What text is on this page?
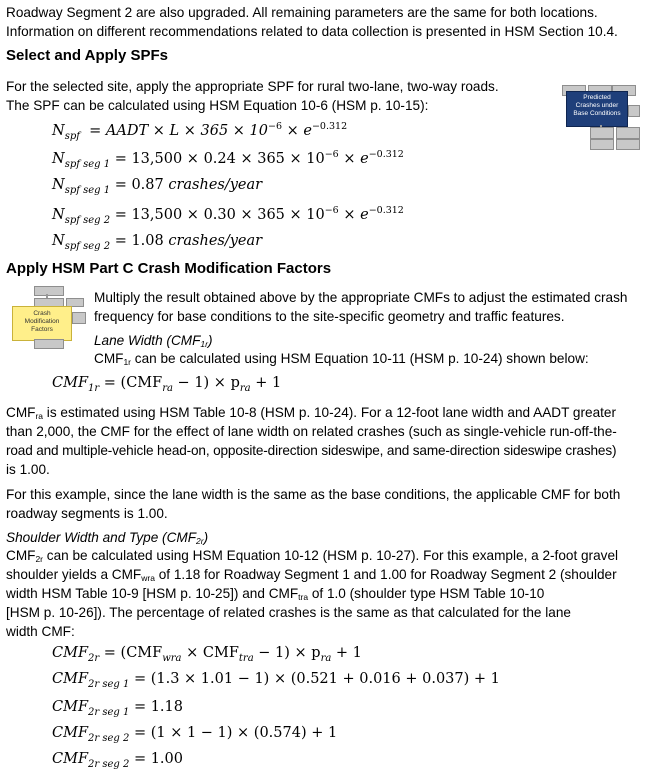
Roadway Segment 2 are also upgraded. All remaining parameters are the same for both locations.

Information on different recommendations related to data collection is presented in HSM Section 10.4.

Select and Apply SPFs

For the selected site, apply the appropriate SPF for rural two-lane, two-way roads.

The SPF can be calculated using HSM Equation 10-6 (HSM p. 10-15):

Predicted
Crashes under
Base Conditions
$N_{spf}$ = AADT × $L \times 365 \times 10^{-6} \times e^{-0.312}$
$N_{spf seg 1} = 13,500 \times 0.24 \times 365 \times 10^{-6} \times e^{-0.312}$
$N_{spf seg 1} = 0.87$ crashes/year
$N_{spf seg 2} = 13,500 \times 0.30 \times 365 \times 10^{-6} \times e^{-0.312}$
$N_{spf seg 2} = 1.08$ crashes/year

Apply HSM Part C Crash Modification Factors

Crash
Modification
Factors

Multiply the result obtained above by the appropriate CMFs to adjust the estimated crash

frequency for base conditions to the site-specific geometry and traffic features.

Lane Width $(CMF_{1r})$

$CMF_{1r}$ can be calculated using HSM Equation 10-11 (HSM p. 10-24) shown below:

$CMF_{1r} = (CMF_{ra} - 1) \times p_{ra} + 1$

$CMF_{ra}$ is estimated using HSM Table 10-8 (HSM p. 10-24). For a 12-foot lane width and AADT greater

than 2,000, the CMF for the effect of lane width on related crashes (such as single-vehicle run-off-the-

road and multiple-vehicle head-on, opposite-direction sideswipe, and same-direction sideswipe crashes)

is 1.00.

For this example, since the lane width is the same as the base conditions, the applicable CMF for both

roadway segments is 1.00.

Shoulder Width and Type $(CMF_{2r})$

$CMF_{2r}$ can be calculated using HSM Equation 10-12 (HSM p. 10-27). For this example, a 2-foot gravel

shoulder yields a $CMF_{wra}$ of 1.18 for Roadway Segment 1 and 1.00 for Roadway Segment 2 (shoulder

width HSM Table 10-9 [HSM p. 10-25]) and $CMF_{tra}$ of 1.0 (shoulder type HSM Table 10-10

[HSM p. 10-26]). The percentage of related crashes is the same as that calculated for the lane

width CMF:

$CMF_{2r} = (CMF_{wra} \times CMF_{tra} - 1) \times p_{ra} + 1$
$CMF_{2r seg 1} = (1.3 \times 1.01 - 1) \times (0.521 + 0.016 + 0.037) + 1$
$CMF_{2r seg 1} = 1.18$
$CMF_{2r seg 2} = (1 \times 1 - 1) \times (0.574) + 1$
$CMF_{2r seg 2} = 1.00$
